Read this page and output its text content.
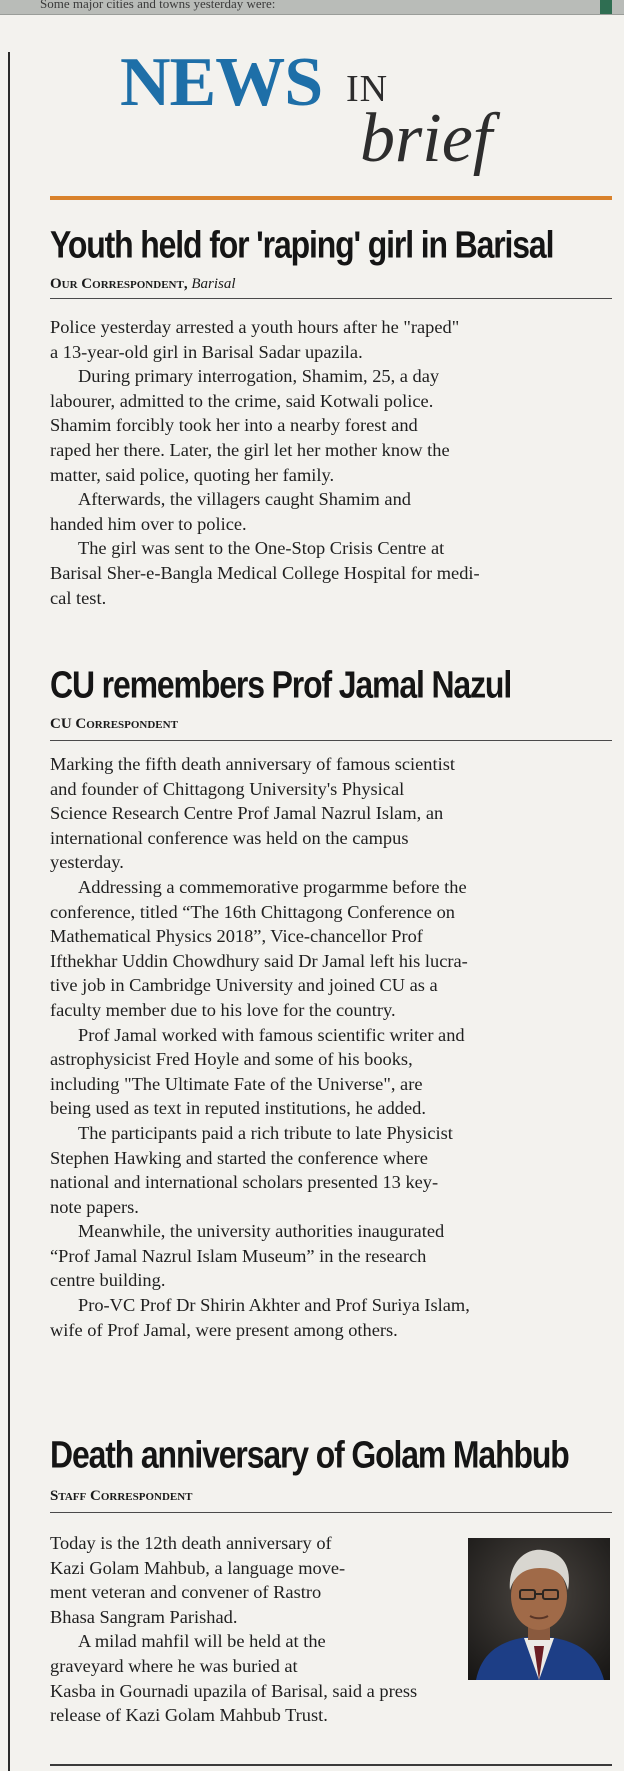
Some major cities and towns yesterday were:
NEWS IN
brief
Youth held for 'raping' girl in Barisal
Our Correspondent, Barisal

Police yesterday arrested a youth hours after he "raped"

a 13-year-old girl in Barisal Sadar upazila.

During primary interrogation, Shamim, 25, a day

labourer, admitted to the crime, said Kotwali police.

Shamim forcibly took her into a nearby forest and

raped her there. Later, the girl let her mother know the

matter, said police, quoting her family.

Afterwards, the villagers caught Shamim and

handed him over to police.

The girl was sent to the One-Stop Crisis Centre at

Barisal Sher-e-Bangla Medical College Hospital for medi-

cal test.

CU remembers Prof Jamal Nazul
CU Correspondent

Marking the fifth death anniversary of famous scientist

and founder of Chittagong University's Physical

Science Research Centre Prof Jamal Nazrul Islam, an

international conference was held on the campus

yesterday.

Addressing a commemorative progarmme before the

conference, titled “The 16th Chittagong Conference on

Mathematical Physics 2018”, Vice-chancellor Prof

Ifthekhar Uddin Chowdhury said Dr Jamal left his lucra-

tive job in Cambridge University and joined CU as a

faculty member due to his love for the country.

Prof Jamal worked with famous scientific writer and

astrophysicist Fred Hoyle and some of his books,

including "The Ultimate Fate of the Universe", are

being used as text in reputed institutions, he added.

The participants paid a rich tribute to late Physicist

Stephen Hawking and started the conference where

national and international scholars presented 13 key-

note papers.

Meanwhile, the university authorities inaugurated

“Prof Jamal Nazrul Islam Museum” in the research

centre building.

Pro-VC Prof Dr Shirin Akhter and Prof Suriya Islam,

wife of Prof Jamal, were present among others.

Death anniversary of Golam Mahbub
Staff Correspondent

Today is the 12th death anniversary of

Kazi Golam Mahbub, a language move-

ment veteran and convener of Rastro

Bhasa Sangram Parishad.

A milad mahfil will be held at the

graveyard where he was buried at

Kasba in Gournadi upazila of Barisal, said a press

release of Kazi Golam Mahbub Trust.
